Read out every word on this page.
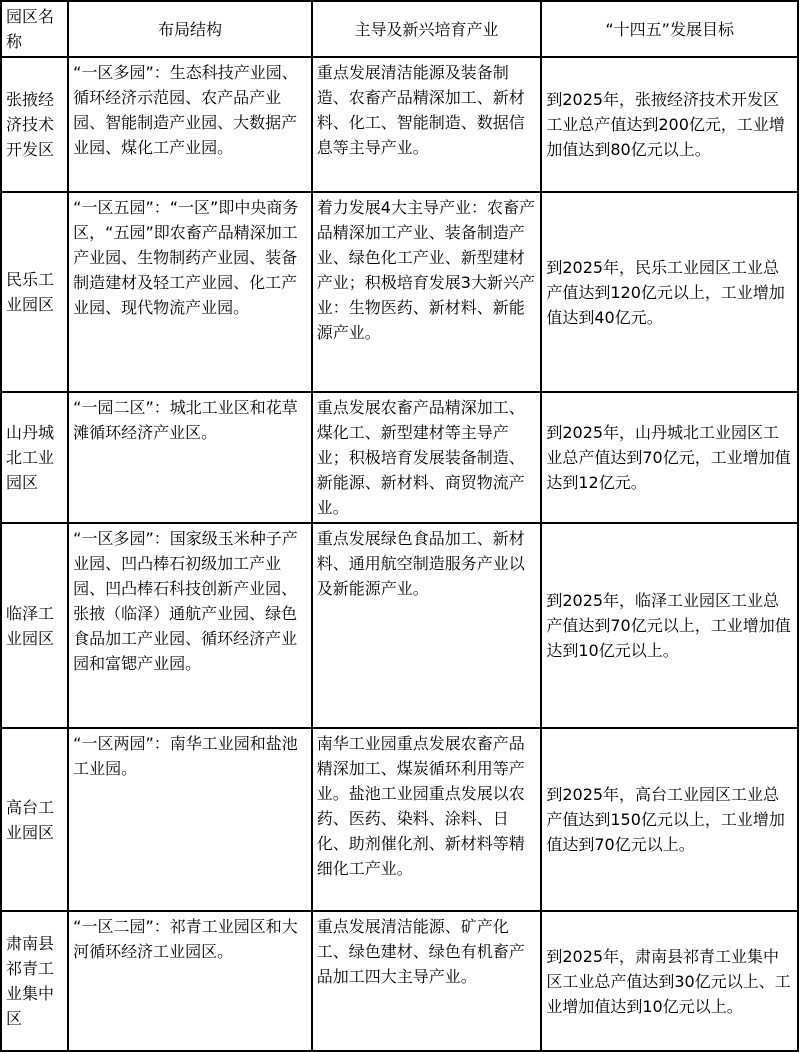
园区名称	布局结构	主导及新兴培育产业	“十四五”发展目标
张掖经济技术开发区	“一区多园”：生态科技产业园、循环经济示范园、农产品产业园、智能制造产业园、大数据产业园、煤化工产业园。	重点发展清洁能源及装备制造、农畜产品精深加工、新材料、化工、智能制造、数据信息等主导产业。	到2025年，张掖经济技术开发区工业总产值达到200亿元，工业增加值达到80亿元以上。
民乐工业园区	“一区五园”：“一区”即中央商务区，“五园”即农畜产品精深加工产业园、生物制药产业园、装备制造建材及轻工产业园、化工产业园、现代物流产业园。	着力发展4大主导产业：农畜产品精深加工产业、装备制造产业、绿色化工产业、新型建材产业；积极培育发展3大新兴产业：生物医药、新材料、新能源产业。	到2025年，民乐工业园区工业总产值达到120亿元以上，工业增加值达到40亿元。
山丹城北工业园区	“一园二区”：城北工业区和花草滩循环经济产业区。	重点发展农畜产品精深加工、煤化工、新型建材等主导产业；积极培育发展装备制造、新能源、新材料、商贸物流产业。	到2025年，山丹城北工业园区工业总产值达到70亿元，工业增加值达到12亿元。
临泽工业园区	“一区多园”：国家级玉米种子产业园、凹凸棒石初级加工产业园、凹凸棒石科技创新产业园、张掖（临泽）通航产业园、绿色食品加工产业园、循环经济产业园和富锶产业园。	重点发展绿色食品加工、新材料、通用航空制造服务产业以及新能源产业。	到2025年，临泽工业园区工业总产值达到70亿元以上，工业增加值达到10亿元以上。
高台工业园区	“一区两园”：南华工业园和盐池工业园。	南华工业园重点发展农畜产品精深加工、煤炭循环利用等产业。盐池工业园重点发展以农药、医药、染料、涂料、日化、助剂催化剂、新材料等精细化工产业。	到2025年，高台工业园区工业总产值达到150亿元以上，工业增加值达到70亿元以上。
肃南县祁青工业集中区	“一区二园”：祁青工业园区和大河循环经济工业园区。	重点发展清洁能源、矿产化工、绿色建材、绿色有机畜产品加工四大主导产业。	到2025年，肃南县祁青工业集中区工业总产值达到30亿元以上、工业增加值达到10亿元以上。
